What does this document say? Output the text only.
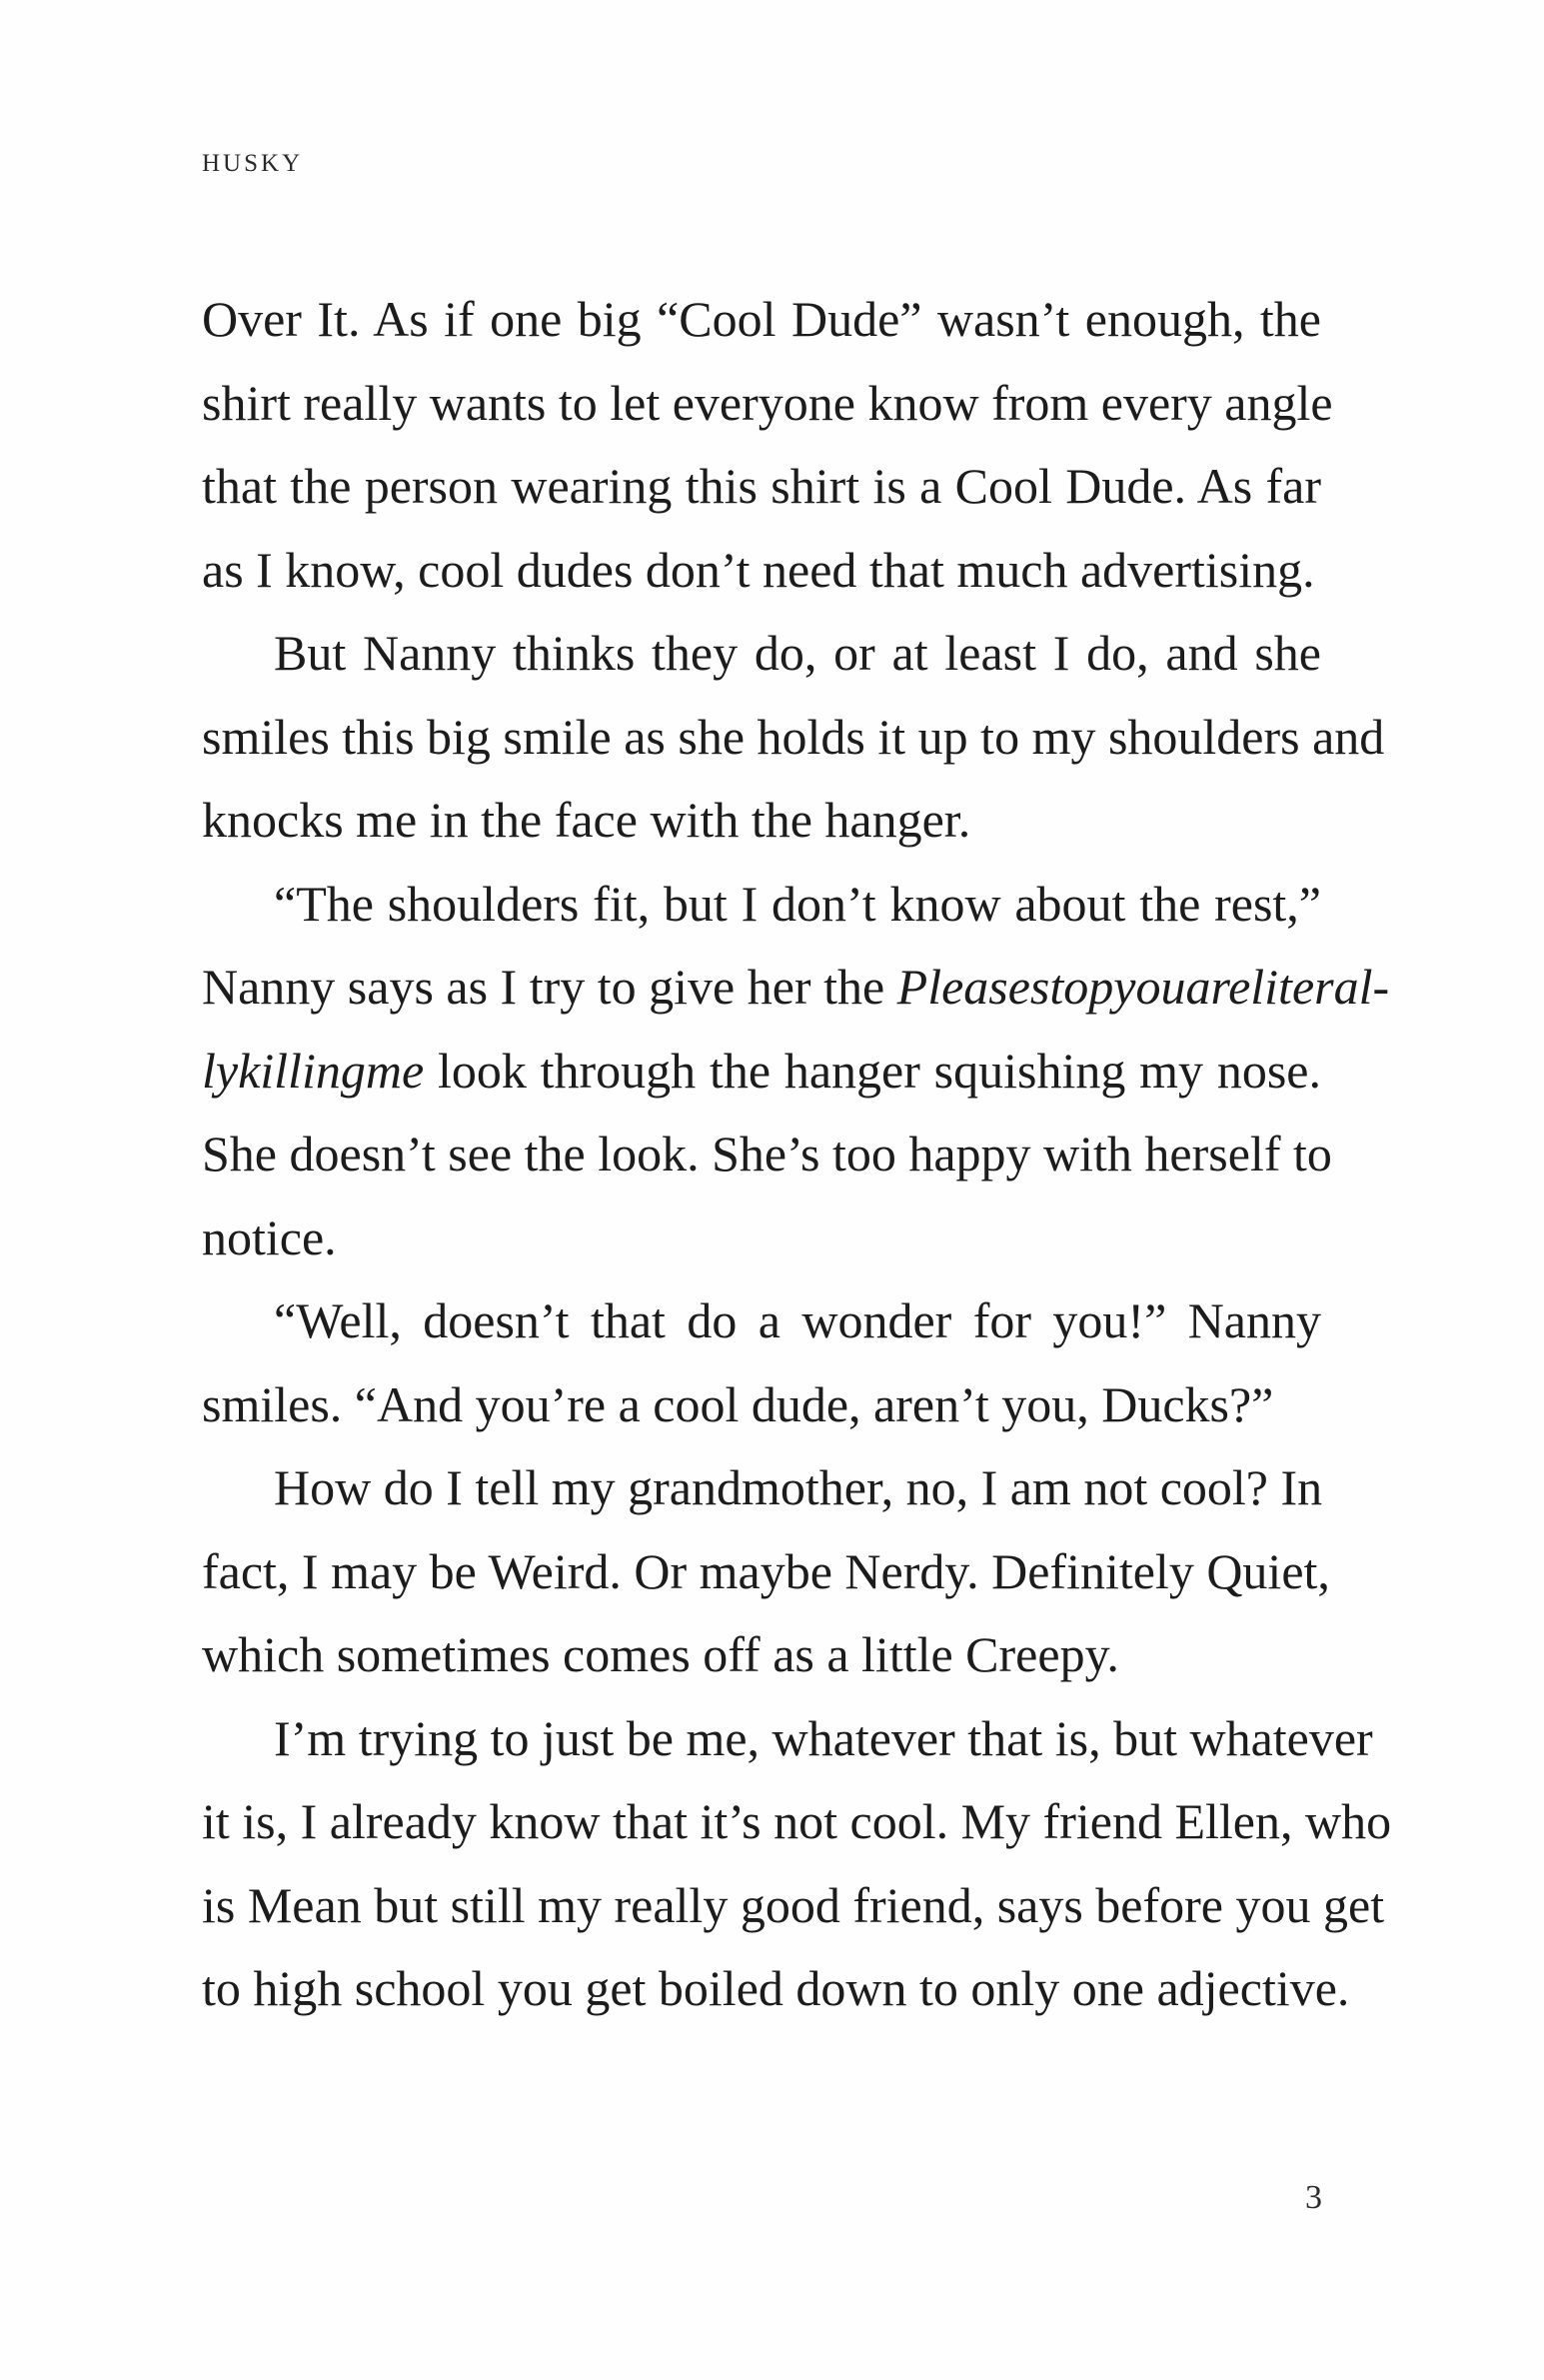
HUSKY
Over It. As if one big “Cool Dude” wasn’t enough, the
shirt really wants to let everyone know from every angle
that the person wearing this shirt is a Cool Dude. As far
as I know, cool dudes don’t need that much advertising.
But Nanny thinks they do, or at least I do, and she
smiles this big smile as she holds it up to my shoulders and
knocks me in the face with the hanger.
“The shoulders fit, but I don’t know about the rest,”
Nanny says as I try to give her the Pleasestopyouareliteral-
lykillingme look through the hanger squishing my nose.
She doesn’t see the look. She’s too happy with herself to
notice.
“Well, doesn’t that do a wonder for you!” Nanny
smiles. “And you’re a cool dude, aren’t you, Ducks?”
How do I tell my grandmother, no, I am not cool? In
fact, I may be Weird. Or maybe Nerdy. Definitely Quiet,
which sometimes comes off as a little Creepy.
I’m trying to just be me, whatever that is, but whatever
it is, I already know that it’s not cool. My friend Ellen, who
is Mean but still my really good friend, says before you get
to high school you get boiled down to only one adjective.
3
